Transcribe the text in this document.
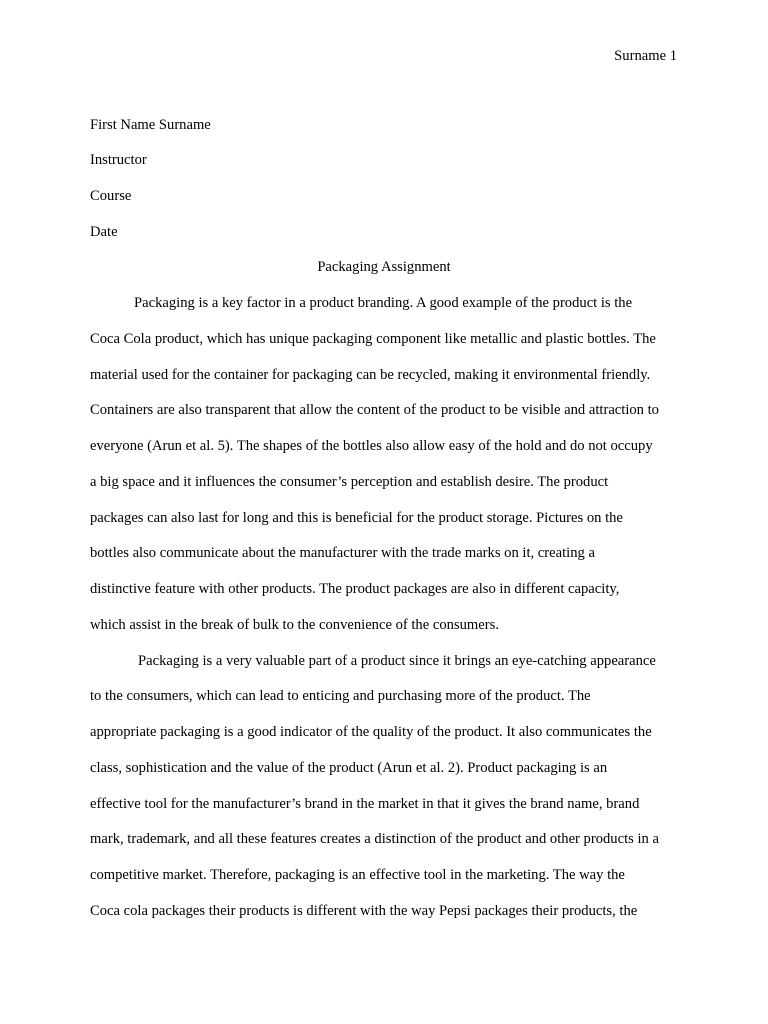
Surname 1
First Name Surname
Instructor
Course
Date
Packaging Assignment
Packaging is a key factor in a product branding. A good example of the product is the
Coca Cola product, which has unique packaging component like metallic and plastic bottles. The
material used for the container for packaging can be recycled, making it environmental friendly.
Containers are also transparent that allow the content of the product to be visible and attraction to
everyone (Arun et al. 5). The shapes of the bottles also allow easy of the hold and do not occupy
a big space and it influences the consumer’s perception and establish desire. The product
packages can also last for long and this is beneficial for the product storage. Pictures on the
bottles also communicate about the manufacturer with the trade marks on it, creating a
distinctive feature with other products. The product packages are also in different capacity,
which assist in the break of bulk to the convenience of the consumers.
Packaging is a very valuable part of a product since it brings an eye-catching appearance
to the consumers, which can lead to enticing and purchasing more of the product. The
appropriate packaging is a good indicator of the quality of the product. It also communicates the
class, sophistication and the value of the product (Arun et al. 2). Product packaging is an
effective tool for the manufacturer’s brand in the market in that it gives the brand name, brand
mark, trademark, and all these features creates a distinction of the product and other products in a
competitive market. Therefore, packaging is an effective tool in the marketing. The way the
Coca cola packages their products is different with the way Pepsi packages their products, the
